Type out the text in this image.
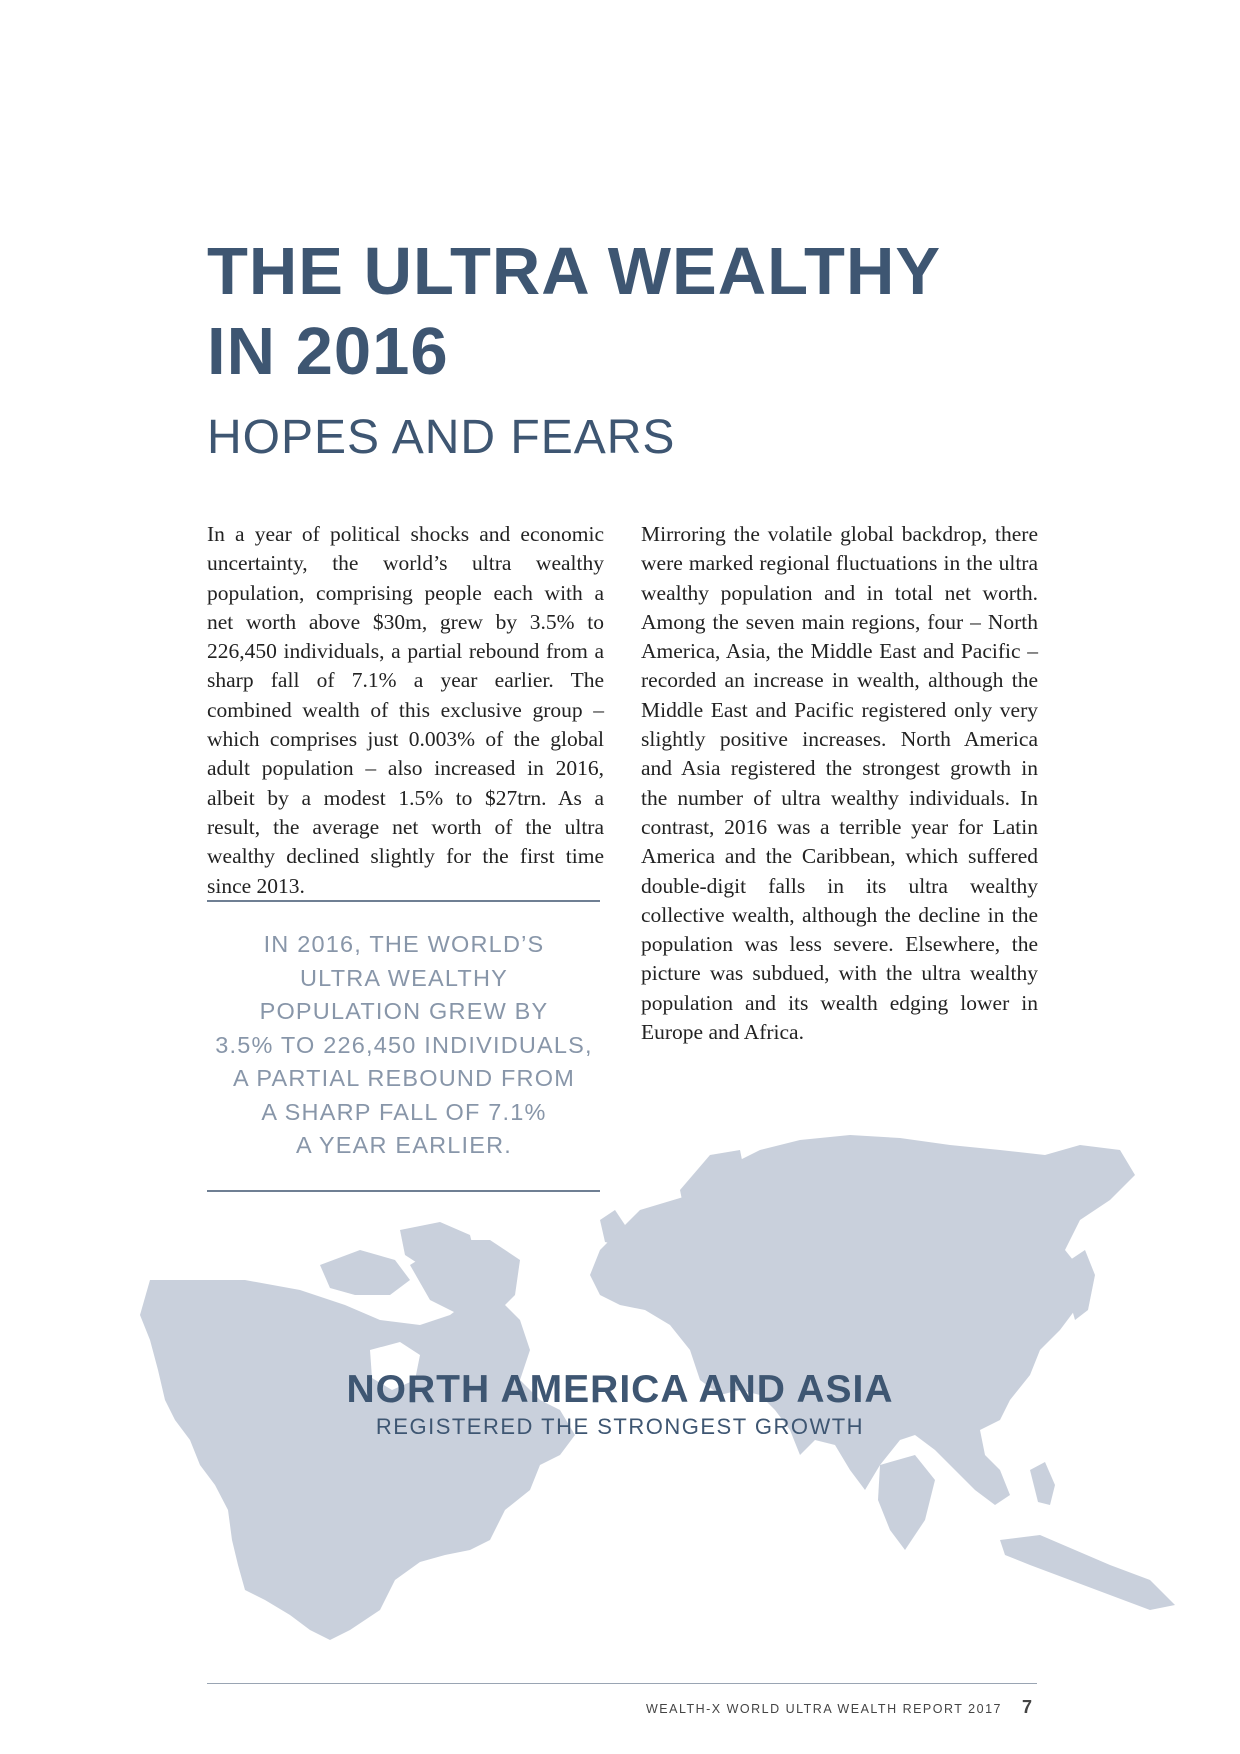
THE ULTRA WEALTHY
IN 2016
HOPES AND FEARS

In a year of political shocks and economic uncertainty, the world’s ultra wealthy population, comprising people each with a net worth above $30m, grew by 3.5% to 226,450 individuals, a partial rebound from a sharp fall of 7.1% a year earlier. The combined wealth of this exclusive group – which comprises just 0.003% of the global adult population – also increased in 2016, albeit by a modest 1.5% to $27trn. As a result, the average net worth of the ultra wealthy declined slightly for the first time since 2013.

Mirroring the volatile global backdrop, there were marked regional fluctuations in the ultra wealthy population and in total net worth. Among the seven main regions, four – North America, Asia, the Middle East and Pacific – recorded an increase in wealth, although the Middle East and Pacific registered only very slightly positive increases. North America and Asia registered the strongest growth in the number of ultra wealthy individuals. In contrast, 2016 was a terrible year for Latin America and the Caribbean, which suffered double-digit falls in its ultra wealthy collective wealth, although the decline in the population was less severe. Elsewhere, the picture was subdued, with the ultra wealthy population and its wealth edging lower in Europe and Africa.

IN 2016, THE WORLD’S
ULTRA WEALTHY
POPULATION GREW BY
3.5% TO 226,450 INDIVIDUALS,
A PARTIAL REBOUND FROM
A SHARP FALL OF 7.1%
A YEAR EARLIER.

NORTH AMERICA AND ASIA

REGISTERED THE STRONGEST GROWTH

WEALTH-X WORLD ULTRA WEALTH REPORT 2017 7
